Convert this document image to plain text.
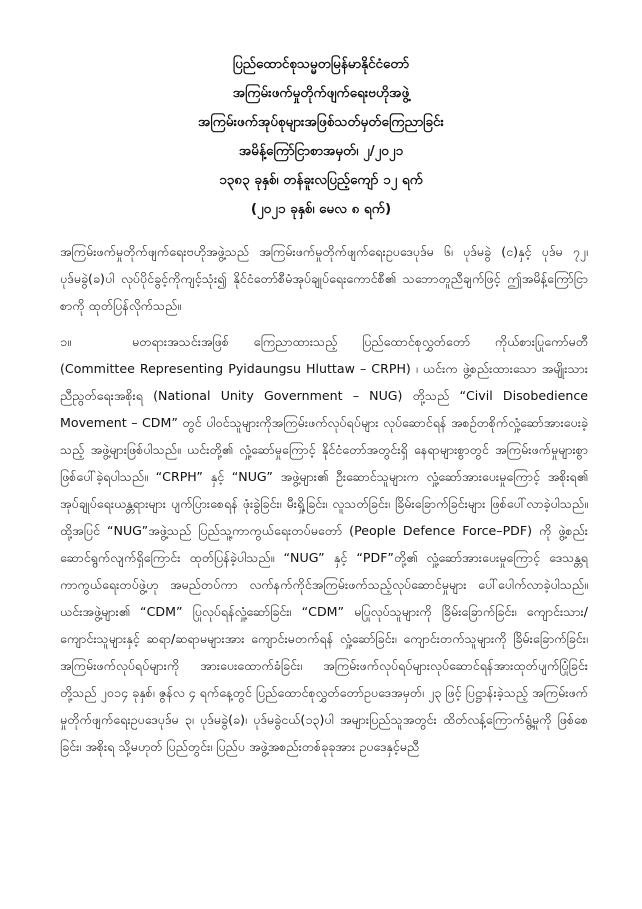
ပြည်ထောင်စုသမ္မတမြန်မာနိုင်ငံတော်
အကြမ်းဖက်မှုတိုက်ဖျက်ရေးဗဟိုအဖွဲ့
အကြမ်းဖက်အုပ်စုများအဖြစ်သတ်မှတ်ကြေညာခြင်း
အမိန့်ကြော်ငြာစာအမှတ်၊ ၂/၂၀၂၁
၁၃၈၃ ခုနှစ်၊ တန်ခူးလပြည့်ကျော် ၁၂ ရက်
(၂၀၂၁ ခုနှစ်၊ မေလ ၈ ရက်)

အကြမ်းဖက်မှုတိုက်ဖျက်ရေးဗဟိုအဖွဲ့သည် အကြမ်းဖက်မှုတိုက်ဖျက်ရေးဥပဒေပုဒ်မ ၆၊ ပုဒ်မခွဲ (င)နှင့် ပုဒ်မ ၇၂၊ ပုဒ်မခွဲ(ခ)ပါ လုပ်ပိုင်ခွင့်ကိုကျင့်သုံး၍ နိုင်ငံတော်စီမံအုပ်ချုပ်ရေးကောင်စီ၏ သဘောတူညီချက်ဖြင့် ဤအမိန့်ကြော်ငြာစာကို ထုတ်ပြန်လိုက်သည်။

၁။	မတရားအသင်းအဖြစ် ကြေညာထားသည့် ပြည်ထောင်စုလွှတ်တော် ကိုယ်စားပြုကော်မတီ (Committee Representing Pyidaungsu Hluttaw – CRPH) ၊ ယင်းက ဖွဲ့စည်းထားသော အမျိုးသားညီညွတ်ရေးအစိုးရ (National Unity Government – NUG) တို့သည် “Civil Disobedience Movement – CDM” တွင် ပါဝင်သူများကိုအကြမ်းဖက်လုပ်ရပ်များ လုပ်ဆောင်ရန် အစဉ်တစိုက်လှုံ့ဆော်အားပေးခဲ့သည့် အဖွဲ့များဖြစ်ပါသည်။ ယင်းတို့၏ လှုံ့ဆော်မှုကြောင့် နိုင်ငံတော်အတွင်းရှိ နေရာများစွာတွင် အကြမ်းဖက်မှုများစွာ ဖြစ်ပေါ်ခဲ့ရပါသည်။ “CRPH” နှင့် “NUG” အဖွဲ့များ၏ ဦးဆောင်သူများက လှုံ့ဆော်အားပေးမှုကြောင့် အစိုးရ၏ အုပ်ချုပ်ရေးယန္တရားများ ပျက်ပြားစေရန် ဖုံးခွဲခြင်း၊ မီးရှို့ခြင်း၊ လူသတ်ခြင်း၊ ခြိမ်းခြောက်ခြင်းများ ဖြစ်ပေါ်လာခဲ့ပါသည်။ ထို့အပြင် “NUG”အဖွဲ့သည် ပြည်သူ့ကာကွယ်ရေးတပ်မတော် (People Defence Force–PDF) ကို ဖွဲ့စည်းဆောင်ရွက်လျက်ရှိကြောင်း ထုတ်ပြန်ခဲ့ပါသည်။ “NUG” နှင့် “PDF”တို့၏ လှုံ့ဆော်အားပေးမှုကြောင့် ဒေသန္တရကာကွယ်ရေးတပ်ဖွဲ့ဟု အမည်တပ်ကာ လက်နက်ကိုင်အကြမ်းဖက်သည့်လုပ်ဆောင်မှုများ ပေါ်ပေါက်လာခဲ့ပါသည်။ ယင်းအဖွဲ့များ၏ “CDM” ပြုလုပ်ရန်လှုံ့ဆော်ခြင်း၊ “CDM” မပြုလုပ်သူများကို ခြိမ်းခြောက်ခြင်း၊ ကျောင်းသား/ ကျောင်းသူများနှင့် ဆရာ/ဆရာမများအား ကျောင်းမတက်ရန် လှုံ့ဆော်ခြင်း၊ ကျောင်းတက်သူများကို ခြိမ်းခြောက်ခြင်း၊ အကြမ်းဖက်လုပ်ရပ်များကို အားပေးထောက်ခံခြင်း၊ အကြမ်းဖက်လုပ်ရပ်များလုပ်ဆောင်ရန်အားထုတ်ပျက်ပြုံခြင်းတို့သည် ၂၀၁၄ ခုနှစ်၊ ဇွန်လ ၄ ရက်နေ့တွင် ပြည်ထောင်စုလွှတ်တော်ဥပဒေအမှတ်၊ ၂၃ ဖြင့် ပြဋ္ဌာန်းခဲ့သည့် အကြမ်းဖက်မှုတိုက်ဖျက်ရေးဥပဒေပုဒ်မ ၃၊ ပုဒ်မခွဲ(ခ)၊ ပုဒ်မခွဲငယ်(၁၃)ပါ အများပြည်သူအတွင်း ထိတ်လန့်ကြောက်ရွံ့မှုကို ဖြစ်စေခြင်း၊ အစိုးရ သို့မဟုတ် ပြည်တွင်း၊ ပြည်ပ အဖွဲ့အစည်းတစ်ခုခုအား ဥပဒေနှင့်မညီ
